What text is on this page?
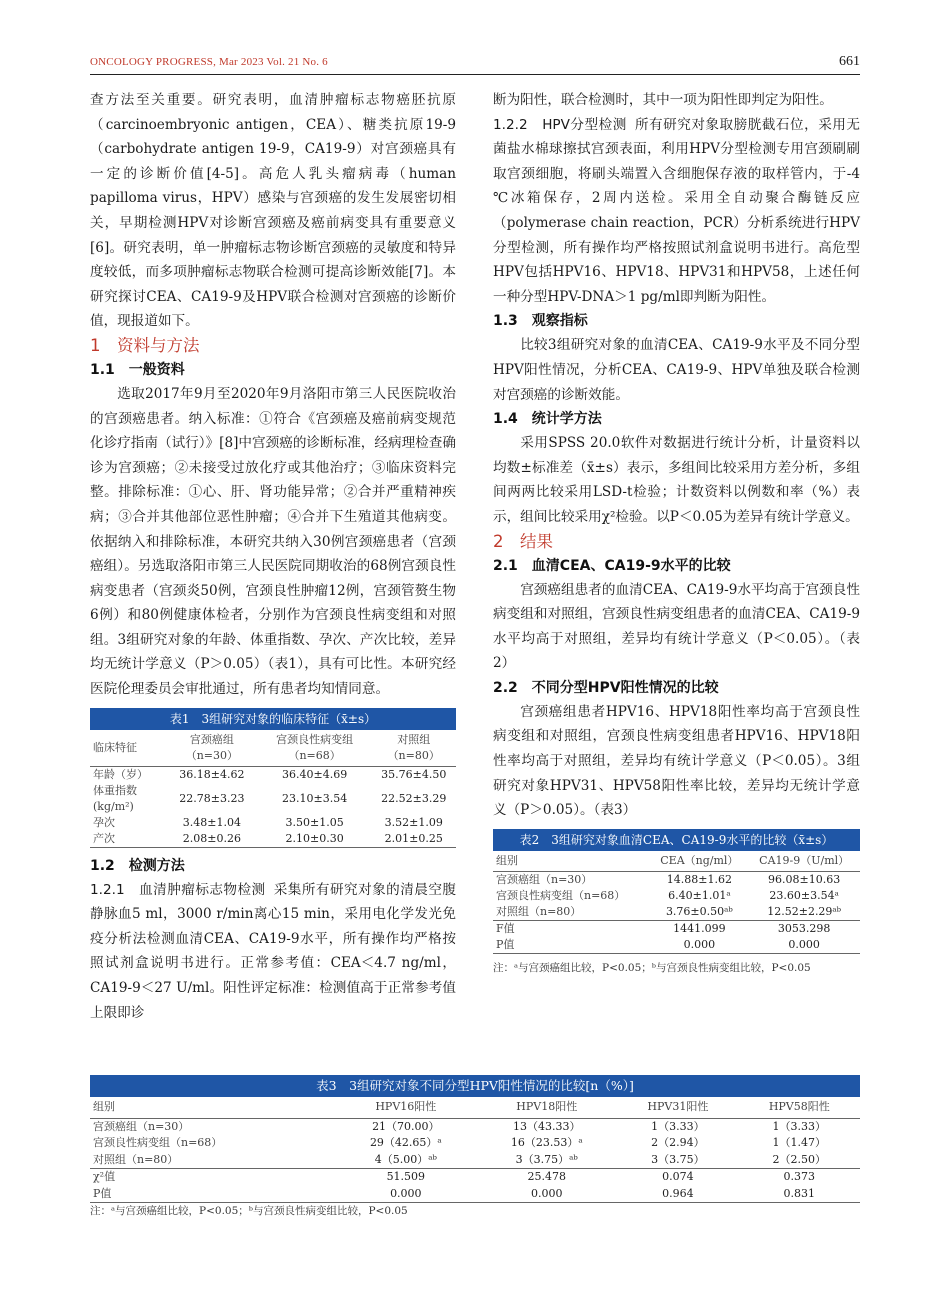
ONCOLOGY PROGRESS, Mar 2023 Vol. 21 No. 6	661

查方法至关重要。研究表明，血清肿瘤标志物癌胚抗原（carcinoembryonic antigen，CEA）、糖类抗原19-9（carbohydrate antigen 19-9，CA19-9）对宫颈癌具有一定的诊断价值[4-5]。高危人乳头瘤病毒（human papilloma virus，HPV）感染与宫颈癌的发生发展密切相关，早期检测HPV对诊断宫颈癌及癌前病变具有重要意义[6]。研究表明，单一肿瘤标志物诊断宫颈癌的灵敏度和特异度较低，而多项肿瘤标志物联合检测可提高诊断效能[7]。本研究探讨CEA、CA19-9及HPV联合检测对宫颈癌的诊断价值，现报道如下。

1　资料与方法

1.1　一般资料

选取2017年9月至2020年9月洛阳市第三人民医院收治的宫颈癌患者。纳入标准：①符合《宫颈癌及癌前病变规范化诊疗指南（试行）》[8]中宫颈癌的诊断标准，经病理检查确诊为宫颈癌；②未接受过放化疗或其他治疗；③临床资料完整。排除标准：①心、肝、肾功能异常；②合并严重精神疾病；③合并其他部位恶性肿瘤；④合并下生殖道其他病变。依据纳入和排除标准，本研究共纳入30例宫颈癌患者（宫颈癌组）。另选取洛阳市第三人民医院同期收治的68例宫颈良性病变患者（宫颈炎50例，宫颈良性肿瘤12例，宫颈管赘生物6例）和80例健康体检者，分别作为宫颈良性病变组和对照组。3组研究对象的年龄、体重指数、孕次、产次比较，差异均无统计学意义（P＞0.05）（表1），具有可比性。本研究经医院伦理委员会审批通过，所有患者均知情同意。

表1　3组研究对象的临床特征（x̄±s）
临床特征	宫颈癌组（n=30）	宫颈良性病变组（n=68）	对照组（n=80）
年龄（岁）	36.18±4.62	36.40±4.69	35.76±4.50
体重指数(kg/m²)	22.78±3.23	23.10±3.54	22.52±3.29
孕次	3.48±1.04	3.50±1.05	3.52±1.09
产次	2.08±0.26	2.10±0.30	2.01±0.25

1.2　检测方法

1.2.1　血清肿瘤标志物检测 采集所有研究对象的清晨空腹静脉血5 ml，3000 r/min离心15 min，采用电化学发光免疫分析法检测血清CEA、CA19-9水平，所有操作均严格按照试剂盒说明书进行。正常参考值：CEA＜4.7 ng/ml，CA19-9＜27 U/ml。阳性评定标准：检测值高于正常参考值上限即诊

断为阳性，联合检测时，其中一项为阳性即判定为阳性。

1.2.2　HPV分型检测 所有研究对象取膀胱截石位，采用无菌盐水棉球擦拭宫颈表面，利用HPV分型检测专用宫颈刷刷取宫颈细胞，将刷头端置入含细胞保存液的取样管内，于-4 ℃冰箱保存，2周内送检。采用全自动聚合酶链反应（polymerase chain reaction，PCR）分析系统进行HPV分型检测，所有操作均严格按照试剂盒说明书进行。高危型HPV包括HPV16、HPV18、HPV31和HPV58，上述任何一种分型HPV-DNA＞1 pg/ml即判断为阳性。

1.3　观察指标

比较3组研究对象的血清CEA、CA19-9水平及不同分型HPV阳性情况，分析CEA、CA19-9、HPV单独及联合检测对宫颈癌的诊断效能。

1.4　统计学方法

采用SPSS 20.0软件对数据进行统计分析，计量资料以均数±标准差（x̄±s）表示，多组间比较采用方差分析，多组间两两比较采用LSD-t检验；计数资料以例数和率（%）表示，组间比较采用χ²检验。以P＜0.05为差异有统计学意义。

2　结果

2.1　血清CEA、CA19-9水平的比较

宫颈癌组患者的血清CEA、CA19-9水平均高于宫颈良性病变组和对照组，宫颈良性病变组患者的血清CEA、CA19-9水平均高于对照组，差异均有统计学意义（P＜0.05）。（表2）

2.2　不同分型HPV阳性情况的比较

宫颈癌组患者HPV16、HPV18阳性率均高于宫颈良性病变组和对照组，宫颈良性病变组患者HPV16、HPV18阳性率均高于对照组，差异均有统计学意义（P＜0.05）。3组研究对象HPV31、HPV58阳性率比较，差异均无统计学意义（P＞0.05）。（表3）

表2　3组研究对象血清CEA、CA19-9水平的比较（x̄±s）
组别	CEA（ng/ml）	CA19-9（U/ml）
宫颈癌组（n=30）	14.88±1.62	96.08±10.63
宫颈良性病变组（n=68）	6.40±1.01ᵃ	23.60±3.54ᵃ
对照组（n=80）	3.76±0.50ᵃᵇ	12.52±2.29ᵃᵇ
F值	1441.099	3053.298
P值	0.000	0.000

注：ᵃ与宫颈癌组比较，P<0.05；ᵇ与宫颈良性病变组比较，P<0.05

表3　3组研究对象不同分型HPV阳性情况的比较[n（%）]
组别	HPV16阳性	HPV18阳性	HPV31阳性	HPV58阳性
宫颈癌组（n=30）	21（70.00）	13（43.33）	1（3.33）	1（3.33）
宫颈良性病变组（n=68）	29（42.65）ᵃ	16（23.53）ᵃ	2（2.94）	1（1.47）
对照组（n=80）	4（5.00）ᵃᵇ	3（3.75）ᵃᵇ	3（3.75）	2（2.50）
χ²值	51.509	25.478	0.074	0.373
P值	0.000	0.000	0.964	0.831

注：ᵃ与宫颈癌组比较，P<0.05；ᵇ与宫颈良性病变组比较，P<0.05
